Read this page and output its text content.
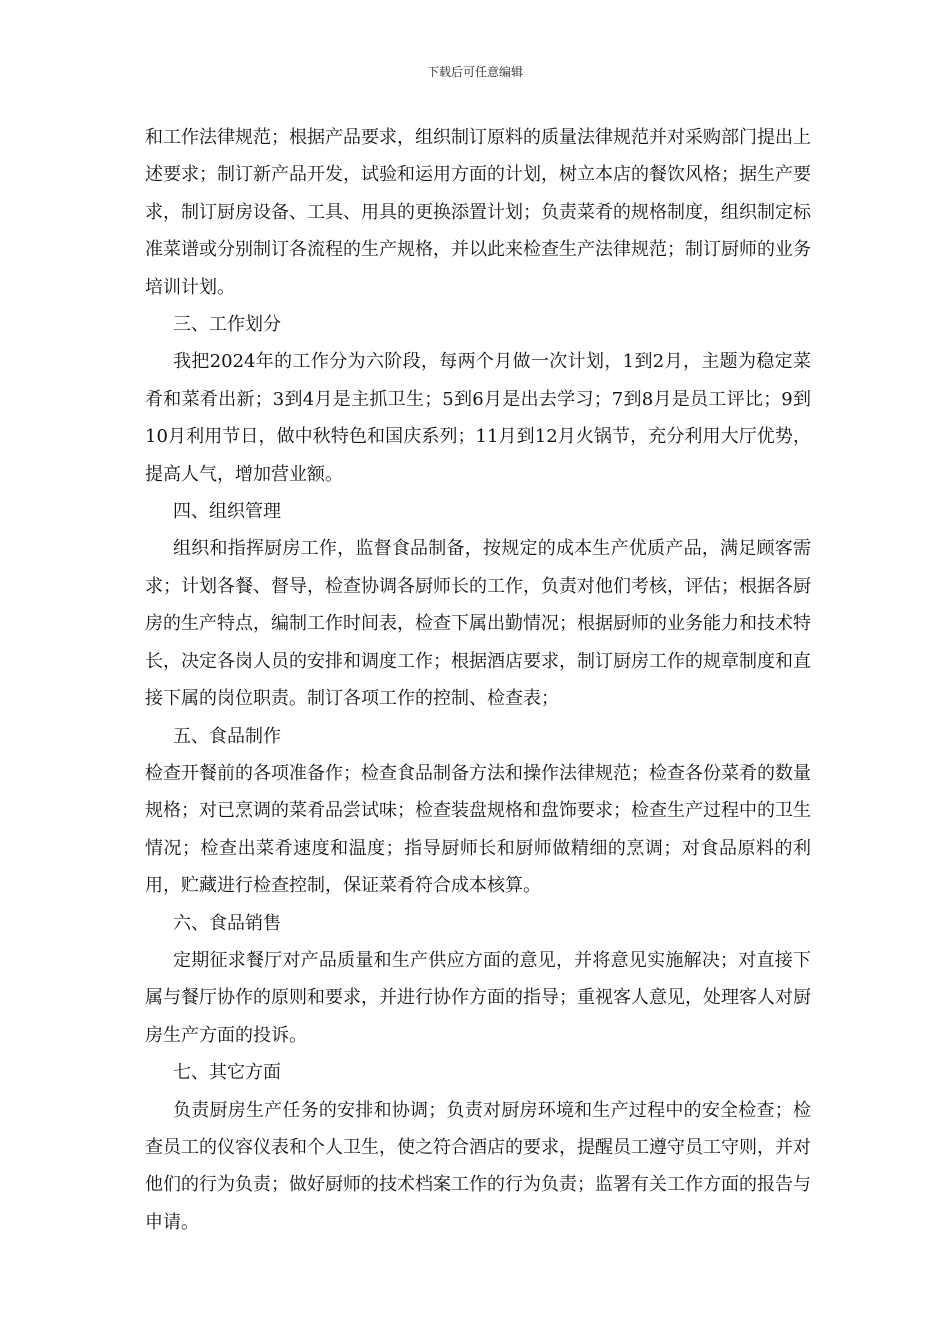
下载后可任意编辑

和工作法律规范；根据产品要求，组织制订原料的质量法律规范并对采购部门提出上述要求；制订新产品开发，试验和运用方面的计划，树立本店的餐饮风格；据生产要求，制订厨房设备、工具、用具的更换添置计划；负责菜肴的规格制度，组织制定标准菜谱或分别制订各流程的生产规格，并以此来检查生产法律规范；制订厨师的业务培训计划。

三、工作划分

我把2024年的工作分为六阶段，每两个月做一次计划，1到2月，主题为稳定菜肴和菜肴出新；3到4月是主抓卫生；5到6月是出去学习；7到8月是员工评比；9到10月利用节日，做中秋特色和国庆系列；11月到12月火锅节，充分利用大厅优势，提高人气，增加营业额。

四、组织管理

组织和指挥厨房工作，监督食品制备，按规定的成本生产优质产品，满足顾客需求；计划各餐、督导，检查协调各厨师长的工作，负责对他们考核，评估；根据各厨房的生产特点，编制工作时间表，检查下属出勤情况；根据厨师的业务能力和技术特长，决定各岗人员的安排和调度工作；根据酒店要求，制订厨房工作的规章制度和直接下属的岗位职责。制订各项工作的控制、检查表；

五、食品制作

检查开餐前的各项准备作；检查食品制备方法和操作法律规范；检查各份菜肴的数量规格；对已烹调的菜肴品尝试味；检查装盘规格和盘饰要求；检查生产过程中的卫生情况；检查出菜肴速度和温度；指导厨师长和厨师做精细的烹调；对食品原料的利用，贮藏进行检查控制，保证菜肴符合成本核算。

六、食品销售

定期征求餐厅对产品质量和生产供应方面的意见，并将意见实施解决；对直接下属与餐厅协作的原则和要求，并进行协作方面的指导；重视客人意见，处理客人对厨房生产方面的投诉。

七、其它方面

负责厨房生产任务的安排和协调；负责对厨房环境和生产过程中的安全检查；检查员工的仪容仪表和个人卫生，使之符合酒店的要求，提醒员工遵守员工守则，并对他们的行为负责；做好厨师的技术档案工作的行为负责；监署有关工作方面的报告与申请。
